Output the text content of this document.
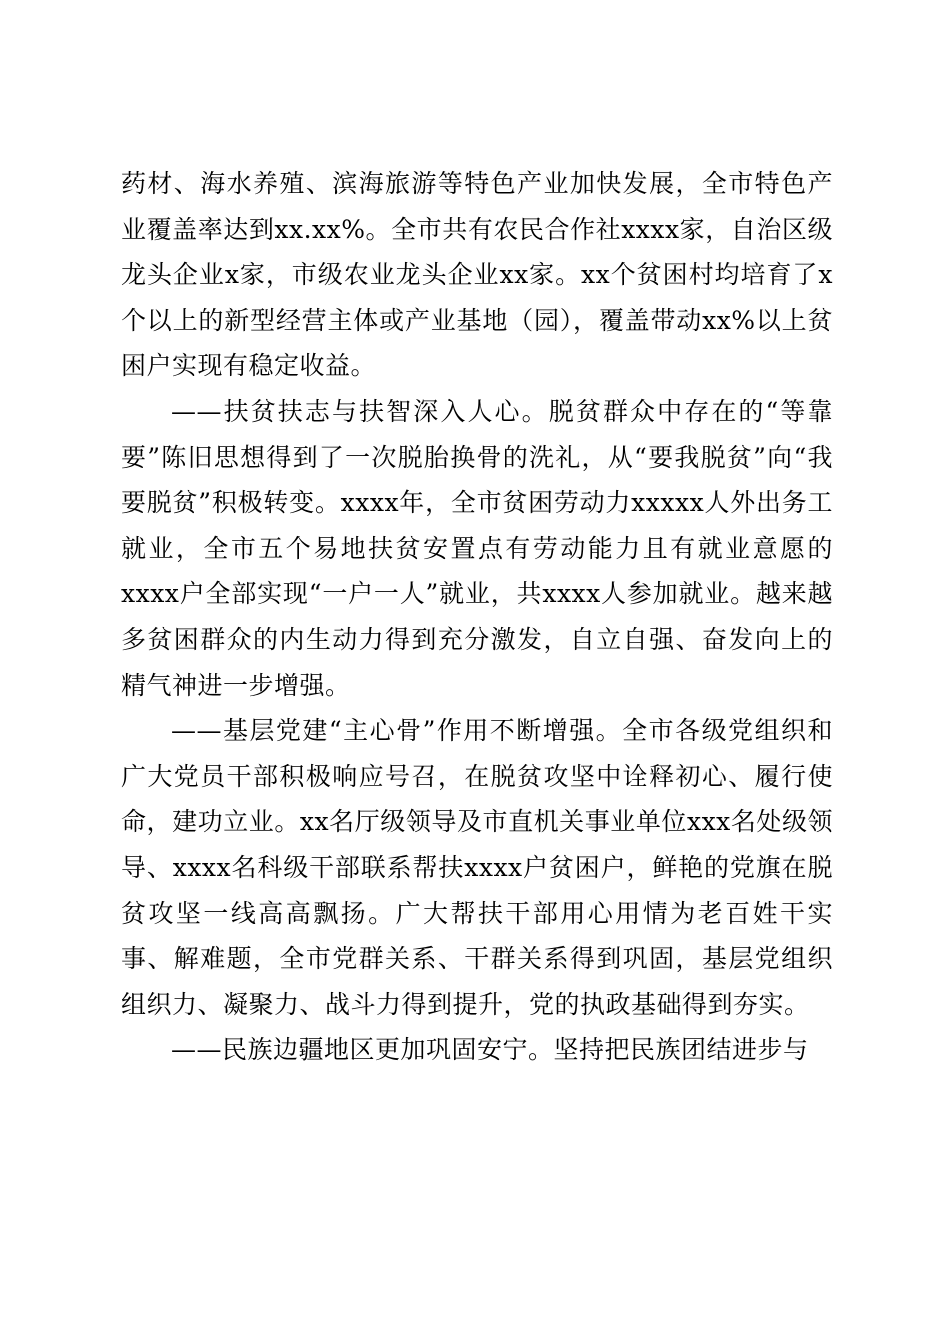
药材、海水养殖、滨海旅游等特色产业加快发展，全市特色产业覆盖率达到xx.xx%。全市共有农民合作社xxxx家，自治区级龙头企业x家，市级农业龙头企业xx家。xx个贫困村均培育了x个以上的新型经营主体或产业基地（园），覆盖带动xx%以上贫困户实现有稳定收益。

——扶贫扶志与扶智深入人心。脱贫群众中存在的“等靠要”陈旧思想得到了一次脱胎换骨的洗礼，从“要我脱贫”向“我要脱贫”积极转变。xxxx年，全市贫困劳动力xxxxx人外出务工就业，全市五个易地扶贫安置点有劳动能力且有就业意愿的xxxx户全部实现“一户一人”就业，共xxxx人参加就业。越来越多贫困群众的内生动力得到充分激发，自立自强、奋发向上的精气神进一步增强。

——基层党建“主心骨”作用不断增强。全市各级党组织和广大党员干部积极响应号召，在脱贫攻坚中诠释初心、履行使命，建功立业。xx名厅级领导及市直机关事业单位xxx名处级领导、xxxx名科级干部联系帮扶xxxx户贫困户，鲜艳的党旗在脱贫攻坚一线高高飘扬。广大帮扶干部用心用情为老百姓干实事、解难题，全市党群关系、干群关系得到巩固，基层党组织组织力、凝聚力、战斗力得到提升，党的执政基础得到夯实。

——民族边疆地区更加巩固安宁。坚持把民族团结进步与
